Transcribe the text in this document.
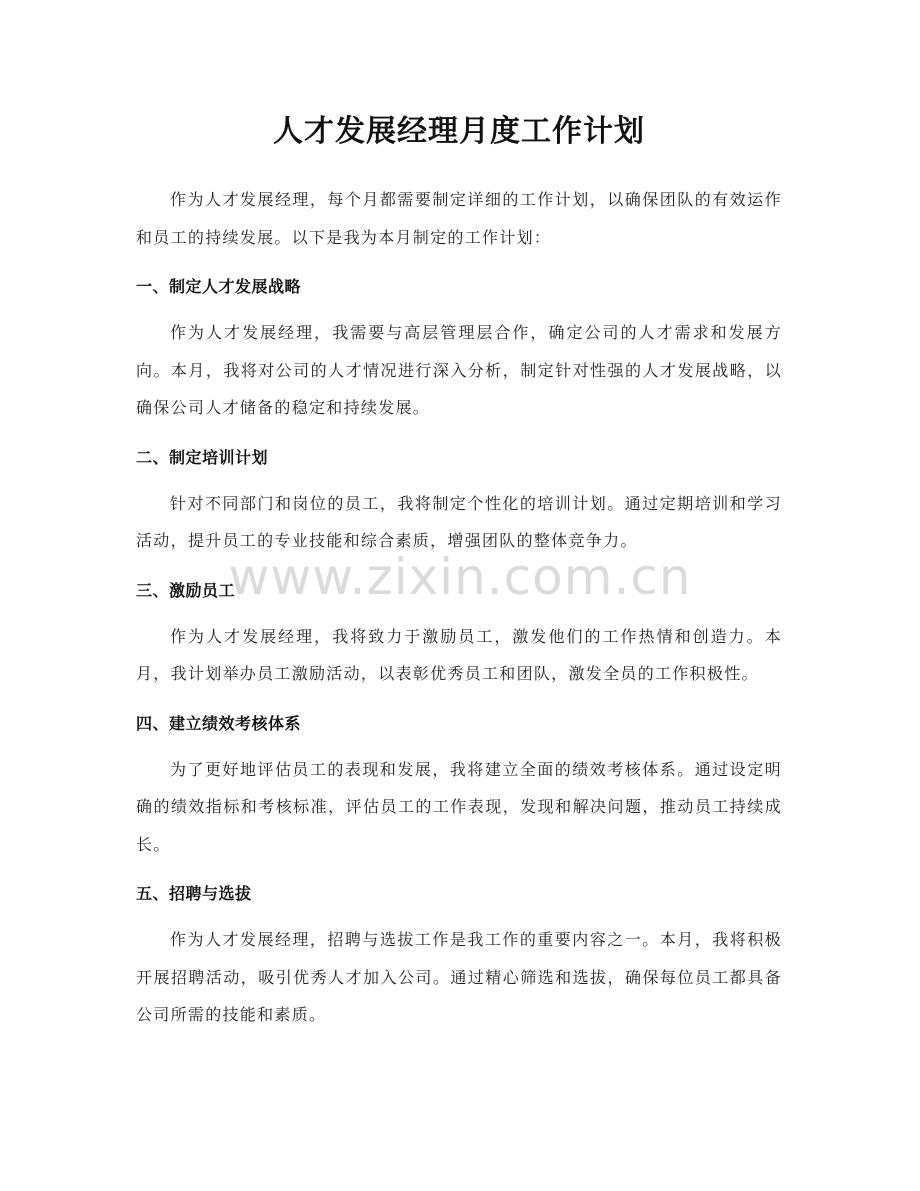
人才发展经理月度工作计划

作为人才发展经理，每个月都需要制定详细的工作计划，以确保团队的有效运作和员工的持续发展。以下是我为本月制定的工作计划：

一、制定人才发展战略

作为人才发展经理，我需要与高层管理层合作，确定公司的人才需求和发展方向。本月，我将对公司的人才情况进行深入分析，制定针对性强的人才发展战略，以确保公司人才储备的稳定和持续发展。

二、制定培训计划

针对不同部门和岗位的员工，我将制定个性化的培训计划。通过定期培训和学习活动，提升员工的专业技能和综合素质，增强团队的整体竞争力。

三、激励员工

作为人才发展经理，我将致力于激励员工，激发他们的工作热情和创造力。本月，我计划举办员工激励活动，以表彰优秀员工和团队，激发全员的工作积极性。

四、建立绩效考核体系

为了更好地评估员工的表现和发展，我将建立全面的绩效考核体系。通过设定明确的绩效指标和考核标准，评估员工的工作表现，发现和解决问题，推动员工持续成长。

五、招聘与选拔

作为人才发展经理，招聘与选拔工作是我工作的重要内容之一。本月，我将积极开展招聘活动，吸引优秀人才加入公司。通过精心筛选和选拔，确保每位员工都具备公司所需的技能和素质。

www.zixin.com.cn
